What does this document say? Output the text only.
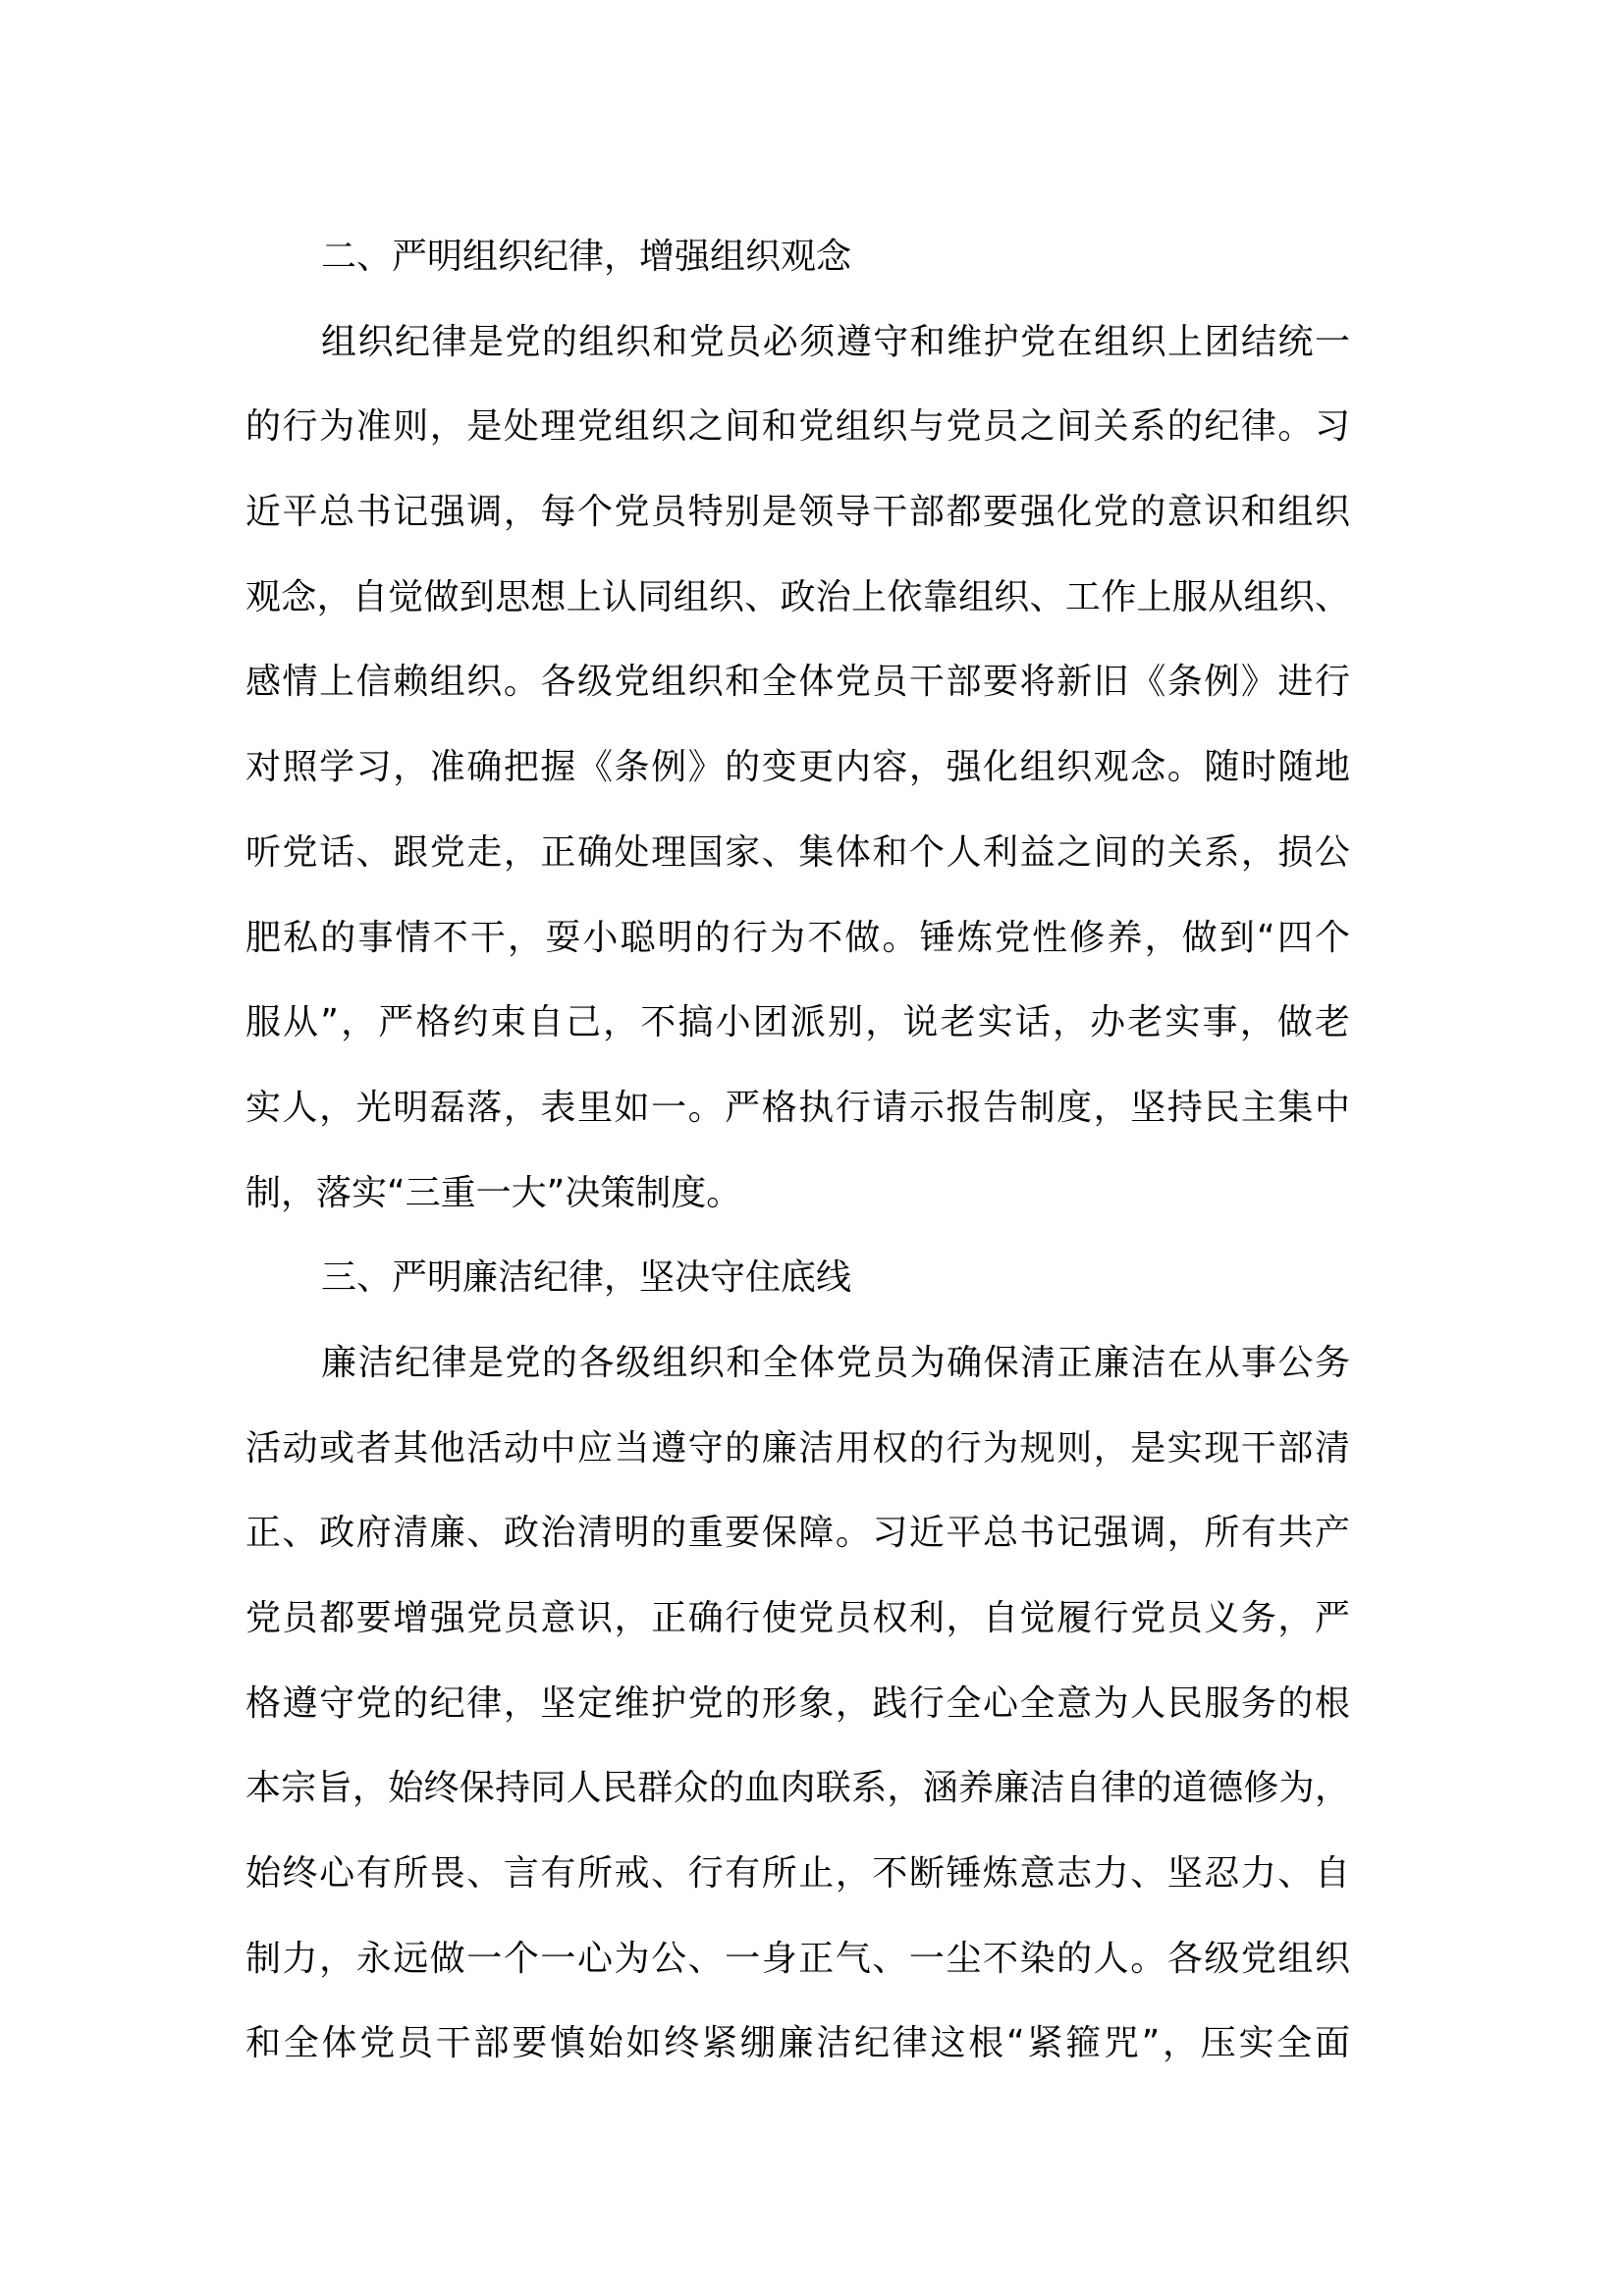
二、严明组织纪律，增强组织观念
组织纪律是党的组织和党员必须遵守和维护党在组织上团结统一
的行为准则，是处理党组织之间和党组织与党员之间关系的纪律。习
近平总书记强调，每个党员特别是领导干部都要强化党的意识和组织
观念，自觉做到思想上认同组织、政治上依靠组织、工作上服从组织、
感情上信赖组织。各级党组织和全体党员干部要将新旧《条例》进行
对照学习，准确把握《条例》的变更内容，强化组织观念。随时随地
听党话、跟党走，正确处理国家、集体和个人利益之间的关系，损公
肥私的事情不干，耍小聪明的行为不做。锤炼党性修养，做到“四个
服从”，严格约束自己，不搞小团派别，说老实话，办老实事，做老
实人，光明磊落，表里如一。严格执行请示报告制度，坚持民主集中
制，落实“三重一大”决策制度。
三、严明廉洁纪律，坚决守住底线
廉洁纪律是党的各级组织和全体党员为确保清正廉洁在从事公务
活动或者其他活动中应当遵守的廉洁用权的行为规则，是实现干部清
正、政府清廉、政治清明的重要保障。习近平总书记强调，所有共产
党员都要增强党员意识，正确行使党员权利，自觉履行党员义务，严
格遵守党的纪律，坚定维护党的形象，践行全心全意为人民服务的根
本宗旨，始终保持同人民群众的血肉联系，涵养廉洁自律的道德修为，
始终心有所畏、言有所戒、行有所止，不断锤炼意志力、坚忍力、自
制力，永远做一个一心为公、一身正气、一尘不染的人。各级党组织
和全体党员干部要慎始如终紧绷廉洁纪律这根“紧箍咒”，压实全面
